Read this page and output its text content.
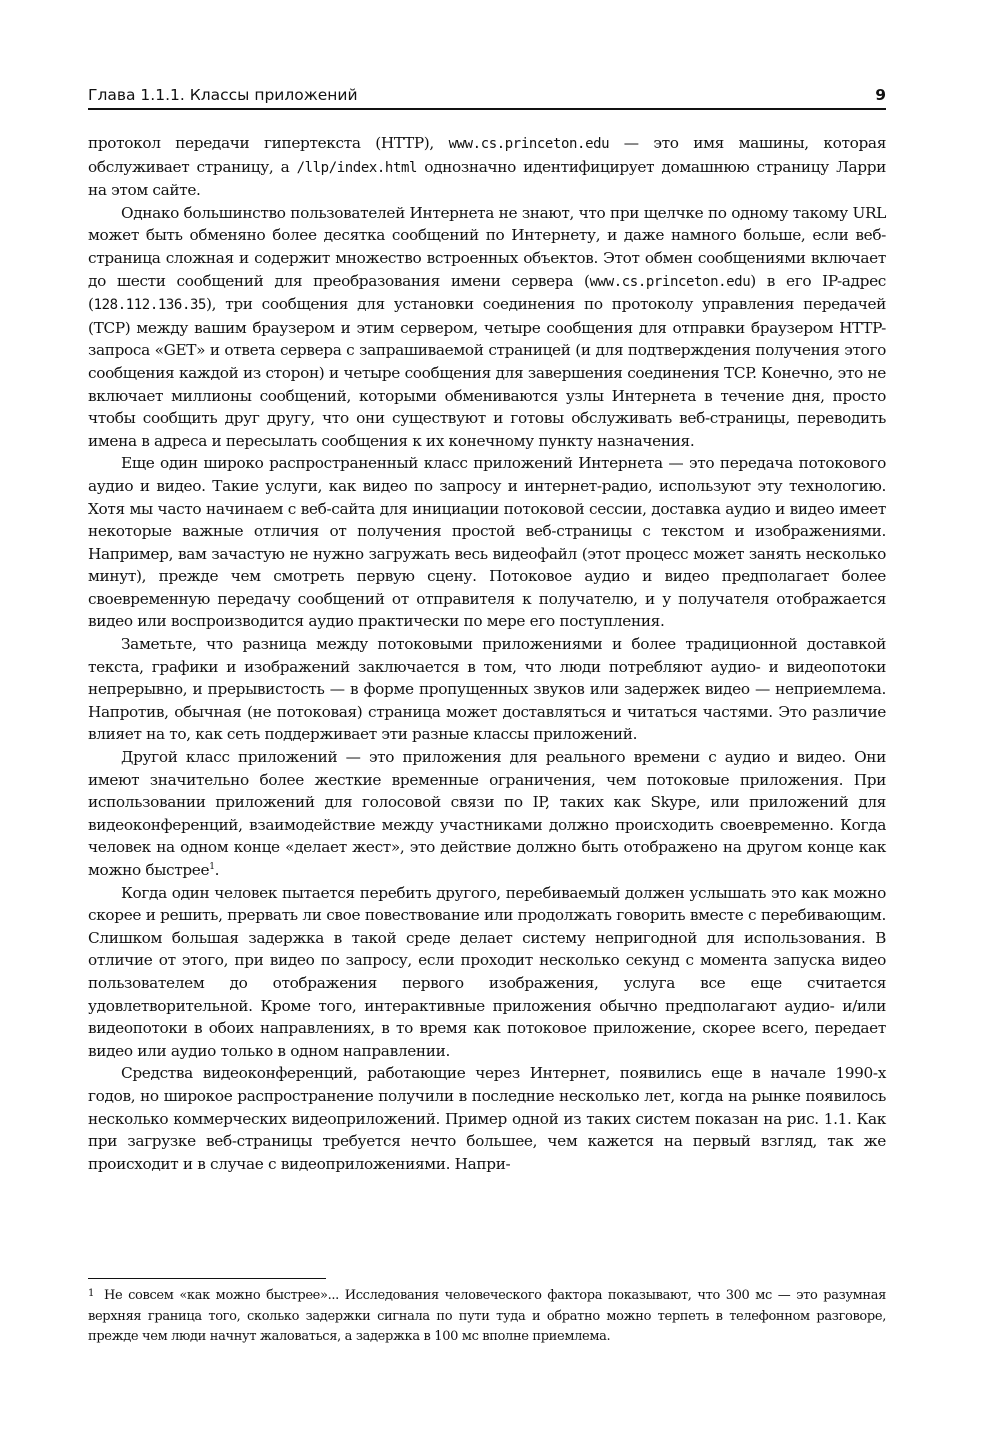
Глава 1.1.1. Классы приложений	9

протокол передачи гипертекста (HTTP), www.cs.princeton.edu — это имя машины, которая обслуживает страницу, а /llp/index.html однозначно идентифицирует домашнюю страницу Ларри на этом сайте.

Однако большинство пользователей Интернета не знают, что при щелчке по одному такому URL может быть обменяно более десятка сообщений по Интернету, и даже намного больше, если веб-страница сложная и содержит множество встроенных объектов. Этот обмен сообщениями включает до шести сообщений для преобразования имени сервера (www.cs.princeton.edu) в его IP-адрес (128.112.136.35), три сообщения для установки соединения по протоколу управления передачей (TCP) между вашим браузером и этим сервером, четыре сообщения для отправки браузером HTTP-запроса «GET» и ответа сервера с запрашиваемой страницей (и для подтверждения получения этого сообщения каждой из сторон) и четыре сообщения для завершения соединения TCP. Конечно, это не включает миллионы сообщений, которыми обмениваются узлы Интернета в течение дня, просто чтобы сообщить друг другу, что они существуют и готовы обслуживать веб-страницы, переводить имена в адреса и пересылать сообщения к их конечному пункту назначения.

Еще один широко распространенный класс приложений Интернета — это передача потокового аудио и видео. Такие услуги, как видео по запросу и интернет-радио, используют эту технологию. Хотя мы часто начинаем с веб-сайта для инициации потоковой сессии, доставка аудио и видео имеет некоторые важные отличия от получения простой веб-страницы с текстом и изображениями. Например, вам зачастую не нужно загружать весь видеофайл (этот процесс может занять несколько минут), прежде чем смотреть первую сцену. Потоковое аудио и видео предполагает более своевременную передачу сообщений от отправителя к получателю, и у получателя отображается видео или воспроизводится аудио практически по мере его поступления.

Заметьте, что разница между потоковыми приложениями и более традиционной доставкой текста, графики и изображений заключается в том, что люди потребляют аудио- и видеопотоки непрерывно, и прерывистость — в форме пропущенных звуков или задержек видео — неприемлема. Напротив, обычная (не потоковая) страница может доставляться и читаться частями. Это различие влияет на то, как сеть поддерживает эти разные классы приложений.

Другой класс приложений — это приложения для реального времени с аудио и видео. Они имеют значительно более жесткие временные ограничения, чем потоковые приложения. При использовании приложений для голосовой связи по IP, таких как Skype, или приложений для видеоконференций, взаимодействие между участниками должно происходить своевременно. Когда человек на одном конце «делает жест», это действие должно быть отображено на другом конце как можно быстрее$^1$.

Когда один человек пытается перебить другого, перебиваемый должен услышать это как можно скорее и решить, прервать ли свое повествование или продолжать говорить вместе с перебивающим. Слишком большая задержка в такой среде делает систему непригодной для использования. В отличие от этого, при видео по запросу, если проходит несколько секунд с момента запуска видео пользователем до отображения первого изображения, услуга все еще считается удовлетворительной. Кроме того, интерактивные приложения обычно предполагают аудио- и/или видеопотоки в обоих направлениях, в то время как потоковое приложение, скорее всего, передает видео или аудио только в одном направлении.

Средства видеоконференций, работающие через Интернет, появились еще в начале 1990-х годов, но широкое распространение получили в последние несколько лет, когда на рынке появилось несколько коммерческих видеоприложений. Пример одной из таких систем показан на рис. 1.1. Как при загрузке веб-страницы требуется нечто большее, чем кажется на первый взгляд, так же происходит и в случае с видеоприложениями. Напри-

1 Не совсем «как можно быстрее»... Исследования человеческого фактора показывают, что 300 мс — это разумная верхняя граница того, сколько задержки сигнала по пути туда и обратно можно терпеть в телефонном разговоре, прежде чем люди начнут жаловаться, а задержка в 100 мс вполне приемлема.
